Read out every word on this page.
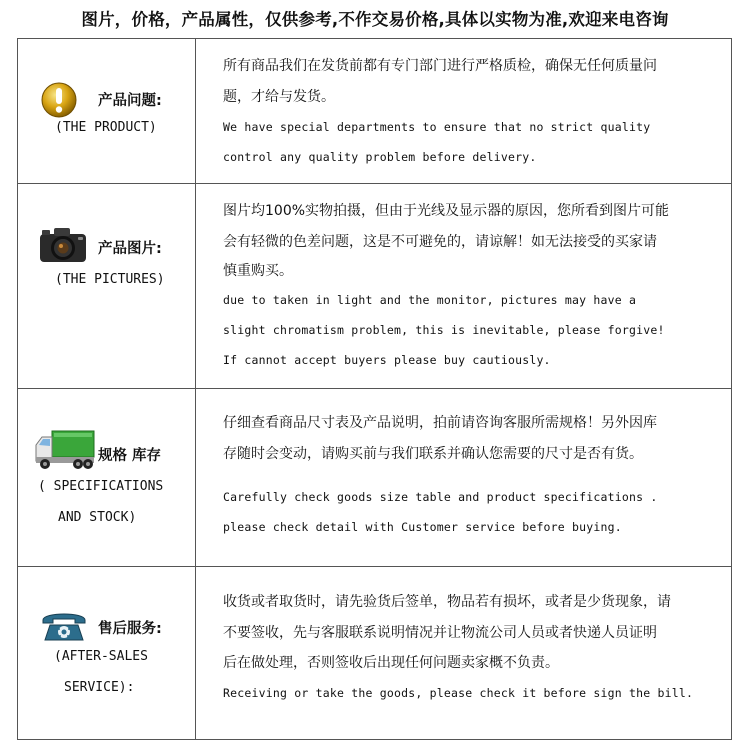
图片，价格，产品属性，仅供参考,不作交易价格,具体以实物为准,欢迎来电咨询
产品问题:
(THE PRODUCT)
所有商品我们在发货前都有专门部门进行严格质检，确保无任何质量问
题，才给与发货。
We have special departments to ensure that no strict quality
control any quality problem before delivery.
产品图片:
(THE PICTURES)
图片均100%实物拍摄，但由于光线及显示器的原因，您所看到图片可能
会有轻微的色差问题，这是不可避免的，请谅解！如无法接受的买家请
慎重购买。
due to taken in light and the monitor, pictures may have a
slight chromatism problem, this is inevitable, please forgive!
If cannot accept buyers please buy cautiously.
规格 库存
( SPECIFICATIONS
AND STOCK)
仔细查看商品尺寸表及产品说明，拍前请咨询客服所需规格！另外因库
存随时会变动，请购买前与我们联系并确认您需要的尺寸是否有货。
Carefully check goods size table and product specifications .
please check detail with Customer service before buying.
售后服务:
(AFTER-SALES
SERVICE):
收货或者取货时，请先验货后签单，物品若有损坏，或者是少货现象，请
不要签收，先与客服联系说明情况并让物流公司人员或者快递人员证明
后在做处理，否则签收后出现任何问题卖家概不负责。
Receiving or take the goods, please check it before sign the bill.
